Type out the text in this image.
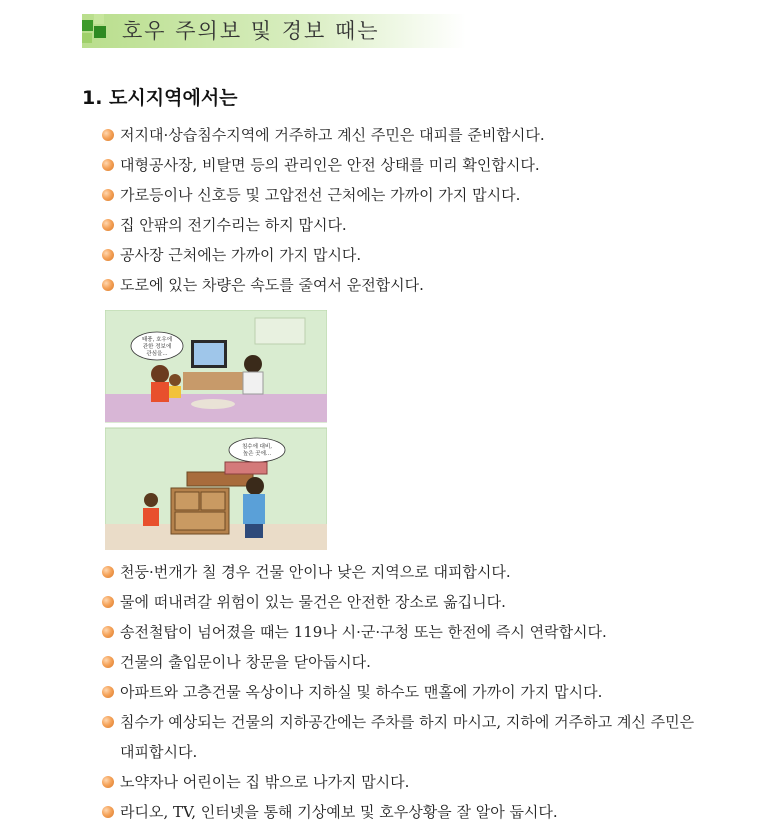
호우 주의보 및 경보 때는
1. 도시지역에서는
저지대·상습침수지역에 거주하고 계신 주민은 대피를 준비합시다.
대형공사장, 비탈면 등의 관리인은 안전 상태를 미리 확인합시다.
가로등이나 신호등 및 고압전선 근처에는 가까이 가지 맙시다.
집 안팎의 전기수리는 하지 맙시다.
공사장 근처에는 가까이 가지 맙시다.
도로에 있는 차량은 속도를 줄여서 운전합시다.
태풍, 호우에
관한 정보에
관심을...
침수에 대비,
높은 곳에...
천둥·번개가 칠 경우 건물 안이나 낮은 지역으로 대피합시다.
물에 떠내려갈 위험이 있는 물건은 안전한 장소로 옮깁니다.
송전철탑이 넘어졌을 때는 119나 시·군·구청 또는 한전에 즉시 연락합시다.
건물의 출입문이나 창문을 닫아둡시다.
아파트와 고층건물 옥상이나 지하실 및 하수도 맨홀에 가까이 가지 맙시다.
침수가 예상되는 건물의 지하공간에는 주차를 하지 마시고, 지하에 거주하고 계신 주민은 대피합시다.
노약자나 어린이는 집 밖으로 나가지 맙시다.
라디오, TV, 인터넷을 통해 기상예보 및 호우상황을 잘 알아 둡시다.
